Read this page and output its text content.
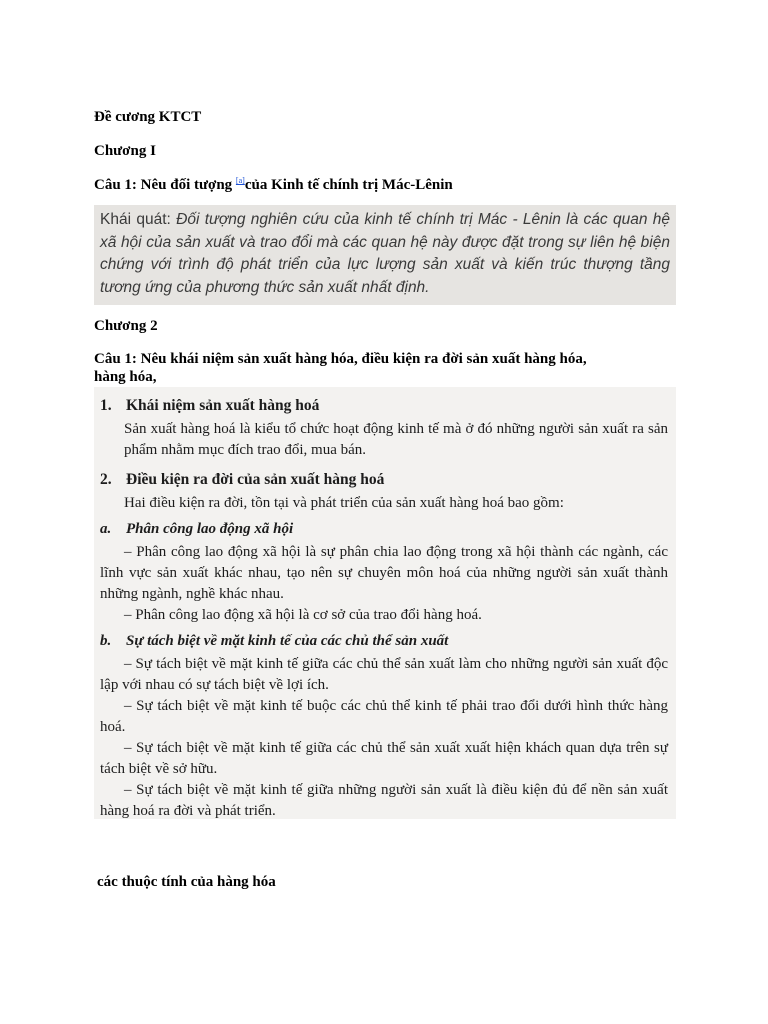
Đề cương KTCT
Chương I
Câu 1: Nêu đối tượng [a]của Kinh tế chính trị Mác-Lênin

Khái quát: Đối tượng nghiên cứu của kinh tế chính trị Mác - Lênin là các quan hệ xã hội của sản xuất và trao đổi mà các quan hệ này được đặt trong sự liên hệ biện chứng với trình độ phát triển của lực lượng sản xuất và kiến trúc thượng tầng tương ứng của phương thức sản xuất nhất định.

Chương 2
Câu 1: Nêu khái niệm sản xuất hàng hóa, điều kiện ra đời sản xuất hàng hóa,
hàng hóa,
1. Khái niệm sản xuất hàng hoá

Sản xuất hàng hoá là kiểu tổ chức hoạt động kinh tế mà ở đó những người sản xuất ra sản phẩm nhằm mục đích trao đổi, mua bán.

2. Điều kiện ra đời của sản xuất hàng hoá

Hai điều kiện ra đời, tồn tại và phát triển của sản xuất hàng hoá bao gồm:

a. Phân công lao động xã hội

– Phân công lao động xã hội là sự phân chia lao động trong xã hội thành các ngành, các lĩnh vực sản xuất khác nhau, tạo nên sự chuyên môn hoá của những người sản xuất thành những ngành, nghề khác nhau.

– Phân công lao động xã hội là cơ sở của trao đổi hàng hoá.

b. Sự tách biệt về mặt kinh tế của các chủ thể sản xuất

– Sự tách biệt về mặt kinh tế giữa các chủ thể sản xuất làm cho những người sản xuất độc lập với nhau có sự tách biệt về lợi ích.

– Sự tách biệt về mặt kinh tế buộc các chủ thể kinh tế phải trao đổi dưới hình thức hàng hoá.

– Sự tách biệt về mặt kinh tế giữa các chủ thể sản xuất xuất hiện khách quan dựa trên sự tách biệt về sở hữu.

– Sự tách biệt về mặt kinh tế giữa những người sản xuất là điều kiện đủ để nền sản xuất hàng hoá ra đời và phát triển.

các thuộc tính của hàng hóa
